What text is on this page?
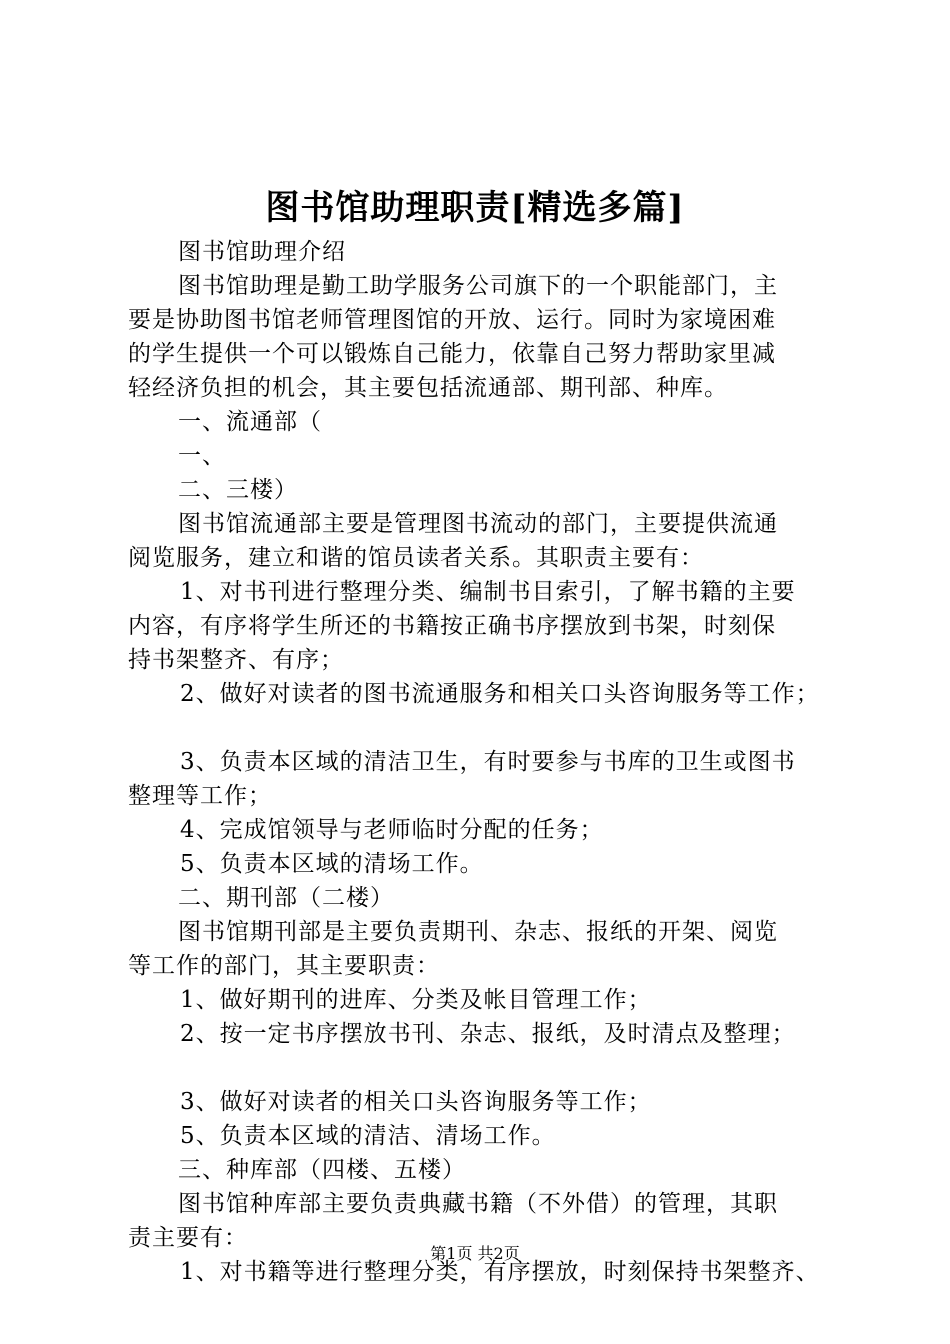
图书馆助理职责[精选多篇]
图书馆助理介绍
图书馆助理是勤工助学服务公司旗下的一个职能部门，主
要是协助图书馆老师管理图馆的开放、运行。同时为家境困难
的学生提供一个可以锻炼自己能力，依靠自己努力帮助家里减
轻经济负担的机会，其主要包括流通部、期刊部、种库。
一、流通部（
一、
二、三楼）
图书馆流通部主要是管理图书流动的部门，主要提供流通
阅览服务，建立和谐的馆员读者关系。其职责主要有：
1、对书刊进行整理分类、编制书目索引，了解书籍的主要
内容，有序将学生所还的书籍按正确书序摆放到书架，时刻保
持书架整齐、有序；
2、做好对读者的图书流通服务和相关口头咨询服务等工作；
3、负责本区域的清洁卫生，有时要参与书库的卫生或图书
整理等工作；
4、完成馆领导与老师临时分配的任务；
5、负责本区域的清场工作。
二、期刊部（二楼）
图书馆期刊部是主要负责期刊、杂志、报纸的开架、阅览
等工作的部门，其主要职责：
1、做好期刊的进库、分类及帐目管理工作；
2、按一定书序摆放书刊、杂志、报纸，及时清点及整理；
3、做好对读者的相关口头咨询服务等工作；
5、负责本区域的清洁、清场工作。
三、种库部（四楼、五楼）
图书馆种库部主要负责典藏书籍（不外借）的管理，其职
责主要有：
1、对书籍等进行整理分类，有序摆放，时刻保持书架整齐、

第1页 共2页
